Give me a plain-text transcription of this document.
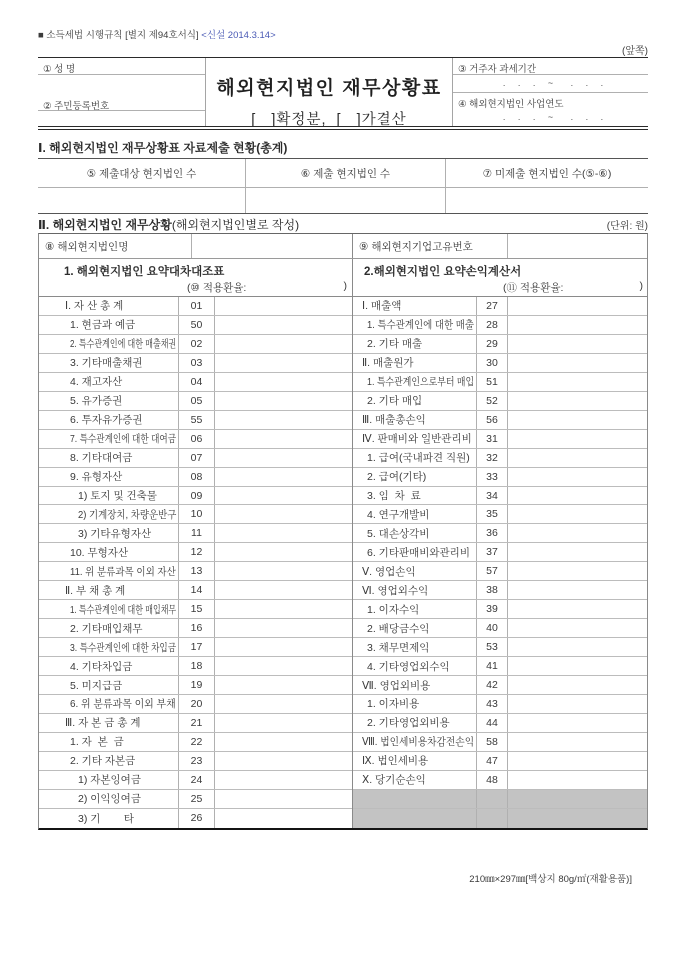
■ 소득세법 시행규칙 [별지 제94호서식] <신설 2014.3.14>
(앞쪽)
① 성 명
② 주민등록번호
해외현지법인 재무상황표
[   ]확정분,  [   ]가결산
③ 거주자 과세기간
.     .     .     ~       .     .     .
④ 해외현지법인 사업연도
.     .     .     ~       .     .     .
Ⅰ. 해외현지법인 재무상황표 자료제출 현황(총계)
⑤ 제출대상 현지법인 수	⑥ 제출 현지법인 수	⑦ 미제출 현지법인 수(⑤-⑥)
Ⅱ. 해외현지법인 재무상황(해외현지법인별로 작성)	(단위: 원)
⑧ 해외현지법인명	⑨ 해외현지기업고유번호
1. 해외현지법인 요약대차대조표
(⑩ 적용환율:	)
2.해외현지법인 요약손익계산서
(⑪ 적용환율:	)
Ⅰ. 자 산 총 계	01
1. 현금과 예금	50
2. 특수관계인에 대한 매출채권	02
3. 기타매출채권	03
4. 재고자산	04
5. 유가증권	05
6. 투자유가증권	55
7. 특수관계인에 대한 대여금	06
8. 기타대여금	07
9. 유형자산	08
1) 토지 및 건축물	09
2) 기계장치, 차량운반구	10
3) 기타유형자산	11
10. 무형자산	12
11. 위 분류과목 이외 자산	13
Ⅱ. 부 채 총 계	14
1. 특수관계인에 대한 매입채무	15
2. 기타매입채무	16
3. 특수관계인에 대한 차입금	17
4. 기타차입금	18
5. 미지급금	19
6. 위 분류과목 이외 부채	20
Ⅲ. 자 본 금 총 계	21
1. 자  본  금	22
2. 기타 자본금	23
1) 자본잉여금	24
2) 이익잉여금	25
3) 기        타	26
Ⅰ. 매출액	27
1. 특수관계인에 대한 매출	28
2. 기타 매출	29
Ⅱ. 매출원가	30
1. 특수관계인으로부터 매입	51
2. 기타 매입	52
Ⅲ. 매출총손익	56
Ⅳ. 판매비와 일반관리비	31
1. 급여(국내파견 직원)	32
2. 급여(기타)	33
3. 임  차  료	34
4. 연구개발비	35
5. 대손상각비	36
6. 기타판매비와관리비	37
Ⅴ. 영업손익	57
Ⅵ. 영업외수익	38
1. 이자수익	39
2. 배당금수익	40
3. 채무면제익	53
4. 기타영업외수익	41
Ⅶ. 영업외비용	42
1. 이자비용	43
2. 기타영업외비용	44
Ⅷ. 법인세비용차감전손익	58
Ⅸ. 법인세비용	47
Ⅹ. 당기순손익	48
210㎜×297㎜[백상지 80g/㎡(재활용품)]
